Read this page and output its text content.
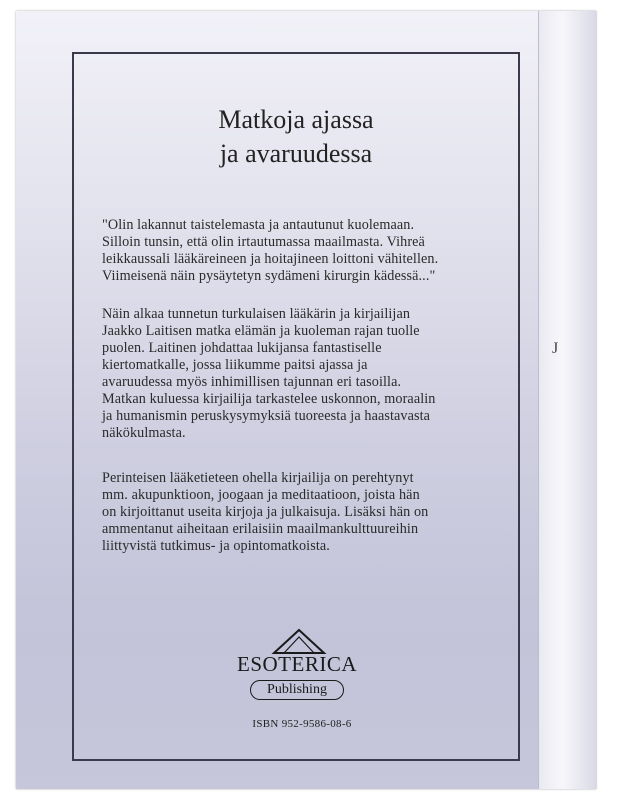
J
Matkoja ajassa
ja avaruudessa

"Olin lakannut taistelemasta ja antautunut kuolemaan.
Silloin tunsin, että olin irtautumassa maailmasta. Vihreä
leikkaussali lääkäreineen ja hoitajineen loittoni vähitellen.
Viimeisenä näin pysäytetyn sydämeni kirurgin kädessä..."

Näin alkaa tunnetun turkulaisen lääkärin ja kirjailijan
Jaakko Laitisen matka elämän ja kuoleman rajan tuolle
puolen. Laitinen johdattaa lukijansa fantastiselle
kiertomatkalle, jossa liikumme paitsi ajassa ja
avaruudessa myös inhimillisen tajunnan eri tasoilla.
Matkan kuluessa kirjailija tarkastelee uskonnon, moraalin
ja humanismin peruskysymyksiä tuoreesta ja haastavasta
näkökulmasta.

Perinteisen lääketieteen ohella kirjailija on perehtynyt
mm. akupunktioon, joogaan ja meditaatioon, joista hän
on kirjoittanut useita kirjoja ja julkaisuja. Lisäksi hän on
ammentanut aiheitaan erilaisiin maailmankulttuureihin
liittyvistä tutkimus- ja opintomatkoista.

ESOTERICA
Publishing
ISBN 952-9586-08-6
